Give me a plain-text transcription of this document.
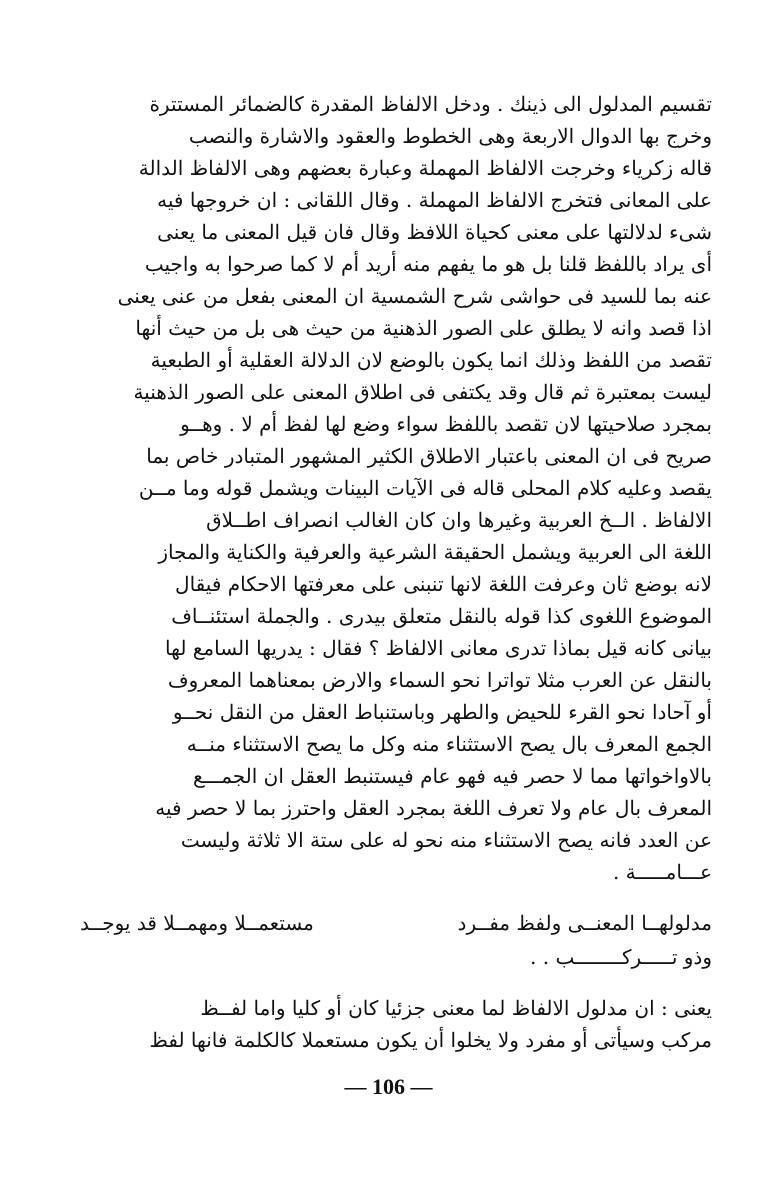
تقسيم المدلول الى ذينك . ودخل الالفاظ المقدرة كالضمائر المستترة
وخرج بها الدوال الاربعة وهى الخطوط والعقود والاشارة والنصب
قاله زكرياء وخرجت الالفاظ المهملة وعبارة بعضهم وهى الالفاظ الدالة
على المعانى فتخرج الالفاظ المهملة . وقال اللقانى : ان خروجها فيه
شىء لدلالتها على معنى كحياة اللافظ وقال فان قيل المعنى ما يعنى
أى يراد باللفظ قلنا بل هو ما يفهم منه أريد أم لا كما صرحوا به واجيب
عنه بما للسيد فى حواشى شرح الشمسية ان المعنى بفعل من عنى يعنى
اذا قصد وانه لا يطلق على الصور الذهنية من حيث هى بل من حيث أنها
تقصد من اللفظ وذلك انما يكون بالوضع لان الدلالة العقلية أو الطبعية
ليست بمعتبرة ثم قال وقد يكتفى فى اطلاق المعنى على الصور الذهنية
بمجرد صلاحيتها لان تقصد باللفظ سواء وضع لها لفظ أم لا . وهــو
صريح فى ان المعنى باعتبار الاطلاق الكثير المشهور المتبادر خاص بما
يقصد وعليه كلام المحلى قاله فى الآيات البينات ويشمل قوله وما مــن
الالفاظ . الــخ العربية وغيرها وان كان الغالب انصراف اطــلاق
اللغة الى العربية ويشمل الحقيقة الشرعية والعرفية والكناية والمجاز
لانه بوضع ثان وعرفت اللغة لانها تنبنى على معرفتها الاحكام فيقال
الموضوع اللغوى كذا قوله بالنقل متعلق بيدرى . والجملة استئنــاف
بيانى كانه قيل بماذا تدرى معانى الالفاظ ؟ فقال : يدريها السامع لها
بالنقل عن العرب مثلا تواترا نحو السماء والارض بمعناهما المعروف
أو آحادا نحو القرء للحيض والطهر وباستنباط العقل من النقل نحــو
الجمع المعرف بال يصح الاستثناء منه وكل ما يصح الاستثناء منــه
بالاواخواتها مما لا حصر فيه فهو عام فيستنبط العقل ان الجمـــع
المعرف بال عام ولا تعرف اللغة بمجرد العقل واحترز بما لا حصر فيه
عن العدد فانه يصح الاستثناء منه نحو له على ستة الا ثلاثة وليست
عـــامـــــة .
مدلولهــا المعنــى ولفظ مفــرد
مستعمــلا ومهمــلا قد يوجــد
وذو تـــــركــــــــب . .
يعنى : ان مدلول الالفاظ لما معنى جزئيا كان أو كليا واما لفــظ
مركب وسيأتى أو مفرد ولا يخلوا أن يكون مستعملا كالكلمة فانها لفظ
— 106 —
